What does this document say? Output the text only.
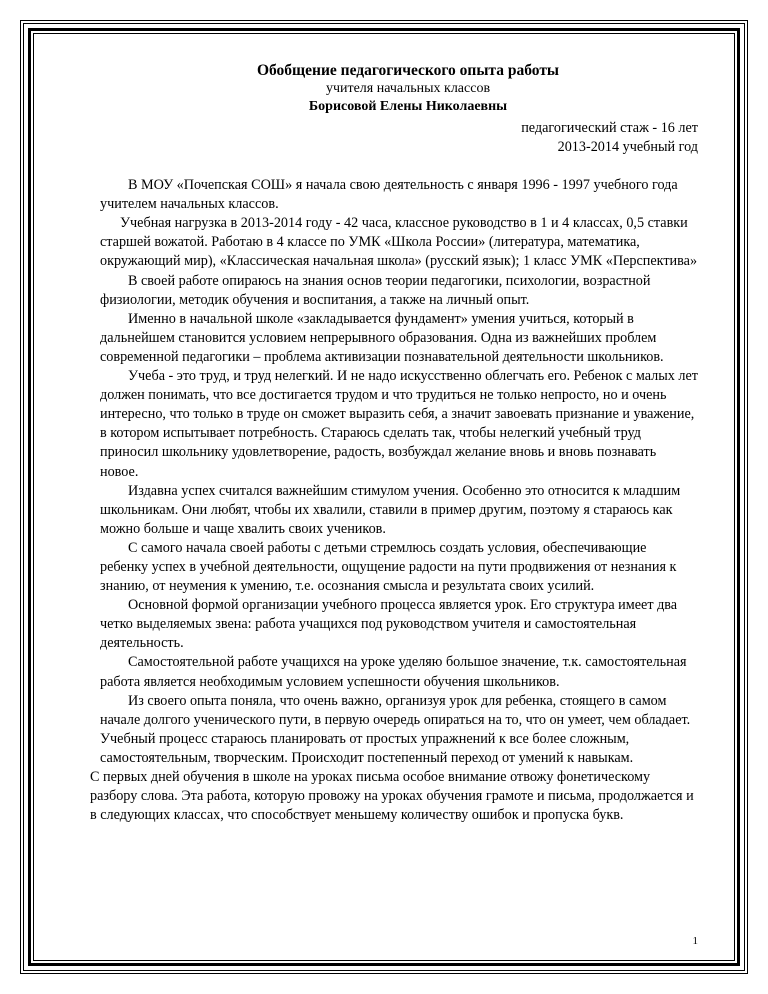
Обобщение педагогического опыта работы
учителя начальных классов
Борисовой Елены Николаевны
педагогический стаж - 16 лет
2013-2014 учебный год

В МОУ «Почепская СОШ» я начала свою деятельность с января 1996 - 1997 учебного года учителем начальных классов.

Учебная нагрузка в 2013-2014 году - 42 часа, классное руководство в 1 и 4 классах, 0,5 ставки старшей вожатой. Работаю в 4 классе по УМК «Школа России» (литература, математика, окружающий мир), «Классическая начальная школа» (русский язык); 1 класс УМК «Перспектива»

В своей работе опираюсь на знания основ теории педагогики, психологии, возрастной физиологии, методик обучения и воспитания, а также на личный опыт.

Именно в начальной школе «закладывается фундамент» умения учиться, который в дальнейшем становится условием непрерывного образования. Одна из важнейших проблем современной педагогики – проблема активизации познавательной деятельности школьников.

Учеба - это труд, и труд нелегкий. И не надо искусственно облегчать его. Ребенок с малых лет должен понимать, что все достигается трудом и что трудиться не только непросто, но и очень интересно, что только в труде он сможет выразить себя, а значит завоевать признание и уважение, в котором испытывает потребность. Стараюсь сделать так, чтобы нелегкий учебный труд приносил школьнику удовлетворение, радость, возбуждал желание вновь и вновь познавать новое.

Издавна успех считался важнейшим стимулом учения. Особенно это относится к младшим школьникам. Они любят, чтобы их хвалили, ставили в пример другим, поэтому я стараюсь как можно больше и чаще хвалить своих учеников.

С самого начала своей работы с детьми стремлюсь создать условия, обеспечивающие ребенку успех в учебной деятельности, ощущение радости на пути продвижения от незнания к знанию, от неумения к умению, т.е. осознания смысла и результата своих усилий.

Основной формой организации учебного процесса является урок. Его структура имеет два четко выделяемых звена: работа учащихся под руководством учителя и самостоятельная деятельность.

Самостоятельной работе учащихся на уроке уделяю большое значение, т.к. самостоятельная работа является необходимым условием успешности обучения школьников.

Из своего опыта поняла, что очень важно, организуя урок для ребенка, стоящего в самом начале долгого ученического пути, в первую очередь опираться на то, что он умеет, чем обладает. Учебный процесс стараюсь планировать от простых упражнений к все более сложным, самостоятельным, творческим. Происходит постепенный переход от умений к навыкам.

С первых дней обучения в школе на уроках письма особое внимание отвожу фонетическому разбору слова. Эта работа, которую провожу на уроках обучения грамоте и письма, продолжается и в следующих классах, что способствует меньшему количеству ошибок и пропуска букв.

1
